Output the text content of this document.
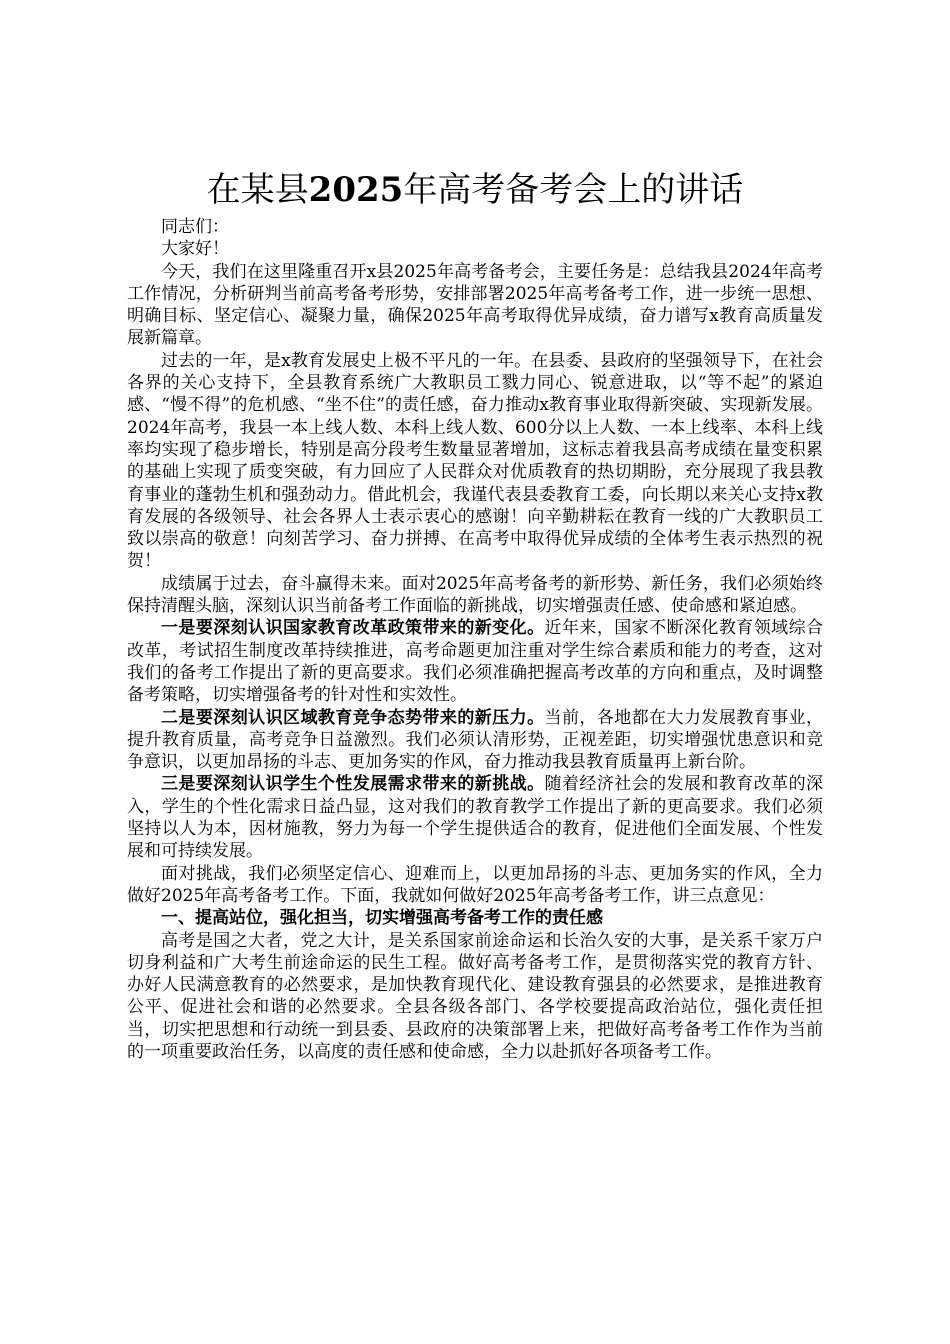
在某县2025年高考备考会上的讲话

同志们：

大家好！

今天，我们在这里隆重召开x县2025年高考备考会，主要任务是：总结我县2024年高考工作情况，分析研判当前高考备考形势，安排部署2025年高考备考工作，进一步统一思想、明确目标、坚定信心、凝聚力量，确保2025年高考取得优异成绩，奋力谱写x教育高质量发展新篇章。

过去的一年，是x教育发展史上极不平凡的一年。在县委、县政府的坚强领导下，在社会各界的关心支持下，全县教育系统广大教职员工戮力同心、锐意进取，以“等不起”的紧迫感、“慢不得”的危机感、“坐不住”的责任感，奋力推动x教育事业取得新突破、实现新发展。2024年高考，我县一本上线人数、本科上线人数、600分以上人数、一本上线率、本科上线率均实现了稳步增长，特别是高分段考生数量显著增加，这标志着我县高考成绩在量变积累的基础上实现了质变突破，有力回应了人民群众对优质教育的热切期盼，充分展现了我县教育事业的蓬勃生机和强劲动力。借此机会，我谨代表县委教育工委，向长期以来关心支持x教育发展的各级领导、社会各界人士表示衷心的感谢！向辛勤耕耘在教育一线的广大教职员工致以崇高的敬意！向刻苦学习、奋力拼搏、在高考中取得优异成绩的全体考生表示热烈的祝贺！

成绩属于过去，奋斗赢得未来。面对2025年高考备考的新形势、新任务，我们必须始终保持清醒头脑，深刻认识当前备考工作面临的新挑战，切实增强责任感、使命感和紧迫感。

一是要深刻认识国家教育改革政策带来的新变化。近年来，国家不断深化教育领域综合改革，考试招生制度改革持续推进，高考命题更加注重对学生综合素质和能力的考查，这对我们的备考工作提出了新的更高要求。我们必须准确把握高考改革的方向和重点，及时调整备考策略，切实增强备考的针对性和实效性。

二是要深刻认识区域教育竞争态势带来的新压力。当前，各地都在大力发展教育事业，提升教育质量，高考竞争日益激烈。我们必须认清形势，正视差距，切实增强忧患意识和竞争意识，以更加昂扬的斗志、更加务实的作风，奋力推动我县教育质量再上新台阶。

三是要深刻认识学生个性发展需求带来的新挑战。随着经济社会的发展和教育改革的深入，学生的个性化需求日益凸显，这对我们的教育教学工作提出了新的更高要求。我们必须坚持以人为本，因材施教，努力为每一个学生提供适合的教育，促进他们全面发展、个性发展和可持续发展。

面对挑战，我们必须坚定信心、迎难而上，以更加昂扬的斗志、更加务实的作风，全力做好2025年高考备考工作。下面，我就如何做好2025年高考备考工作，讲三点意见：

一、提高站位，强化担当，切实增强高考备考工作的责任感

高考是国之大者，党之大计，是关系国家前途命运和长治久安的大事，是关系千家万户切身利益和广大考生前途命运的民生工程。做好高考备考工作，是贯彻落实党的教育方针、办好人民满意教育的必然要求，是加快教育现代化、建设教育强县的必然要求，是推进教育公平、促进社会和谐的必然要求。全县各级各部门、各学校要提高政治站位，强化责任担当，切实把思想和行动统一到县委、县政府的决策部署上来，把做好高考备考工作作为当前的一项重要政治任务，以高度的责任感和使命感，全力以赴抓好各项备考工作。
